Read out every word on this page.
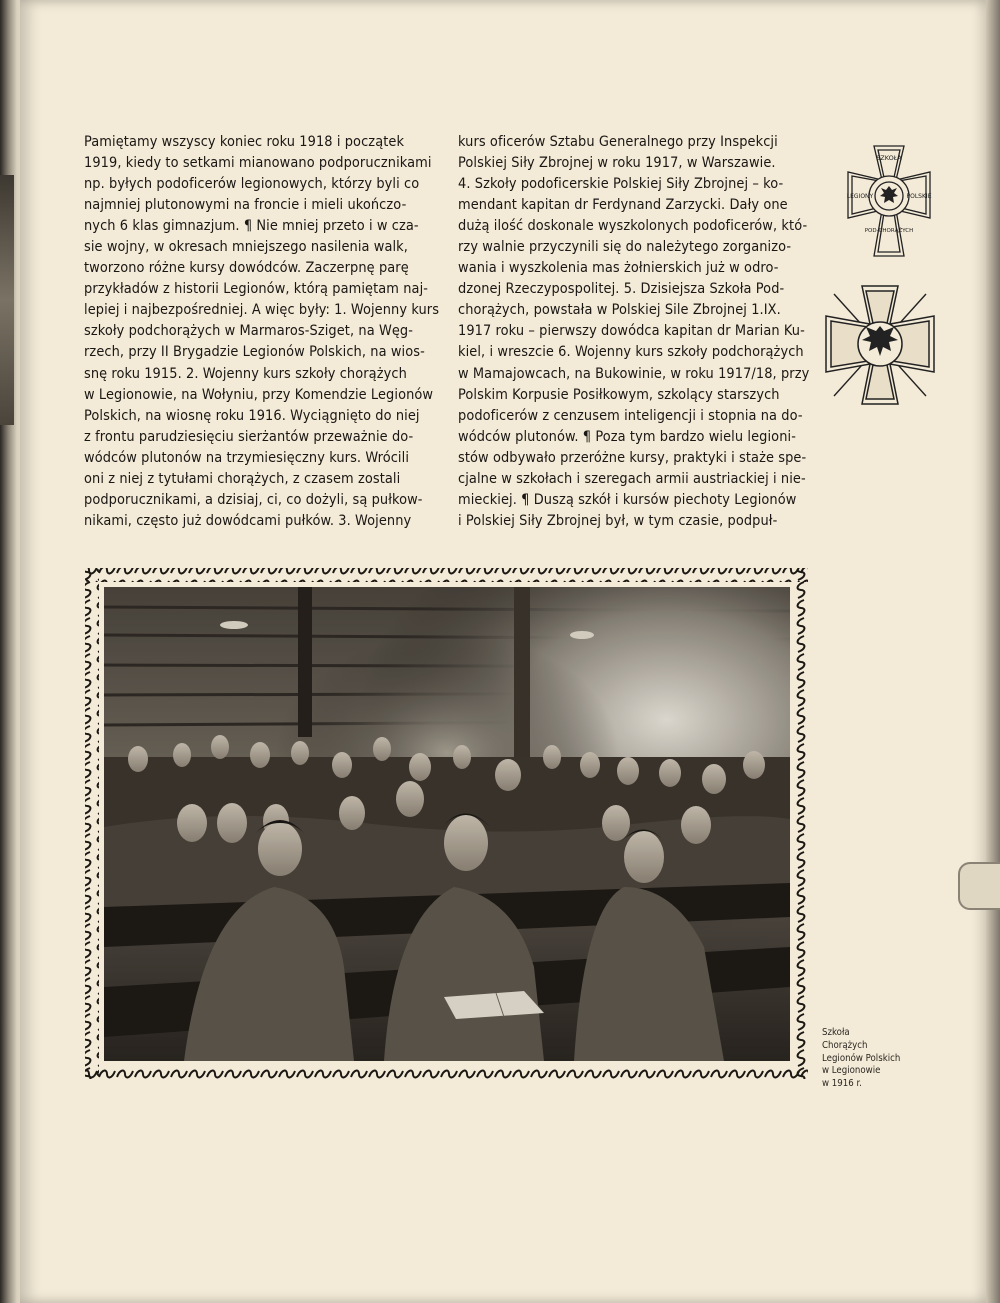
Pamiętamy wszyscy koniec roku 1918 i początek
1919, kiedy to setkami mianowano podporucznikami
np. byłych podoficerów legionowych, którzy byli co
najmniej plutonowymi na froncie i mieli ukończo-
nych 6 klas gimnazjum. ¶ Nie mniej przeto i w cza-
sie wojny, w okresach mniejszego nasilenia walk,
tworzono różne kursy dowódców. Zaczerpnę parę
przykładów z historii Legionów, którą pamiętam naj-
lepiej i najbezpośredniej. A więc były: 1. Wojenny kurs
szkoły podchorążych w Marmaros-Sziget, na Węg-
rzech, przy II Brygadzie Legionów Polskich, na wios-
snę roku 1915. 2. Wojenny kurs szkoły chorążych
w Legionowie, na Wołyniu, przy Komendzie Legionów
Polskich, na wiosnę roku 1916. Wyciągnięto do niej
z frontu parudziesięciu sierżantów przeważnie do-
wódców plutonów na trzymiesięczny kurs. Wrócili
oni z niej z tytułami chorążych, z czasem zostali
podporucznikami, a dzisiaj, ci, co dożyli, są pułkow-
nikami, często już dowódcami pułków. 3. Wojenny
kurs oficerów Sztabu Generalnego przy Inspekcji
Polskiej Siły Zbrojnej w roku 1917, w Warszawie.
4. Szkoły podoficerskie Polskiej Siły Zbrojnej – ko-
mendant kapitan dr Ferdynand Zarzycki. Dały one
dużą ilość doskonale wyszkolonych podoficerów, któ-
rzy walnie przyczynili się do należytego zorganizo-
wania i wyszkolenia mas żołnierskich już w odro-
dzonej Rzeczypospolitej. 5. Dzisiejsza Szkoła Pod-
chorążych, powstała w Polskiej Sile Zbrojnej 1.IX.
1917 roku – pierwszy dowódca kapitan dr Marian Ku-
kiel, i wreszcie 6. Wojenny kurs szkoły podchorążych
w Mamajowcach, na Bukowinie, w roku 1917/18, przy
Polskim Korpusie Posiłkowym, szkolący starszych
podoficerów z cenzusem inteligencji i stopnia na do-
wódców plutonów. ¶ Poza tym bardzo wielu legioni-
stów odbywało przeróżne kursy, praktyki i staże spe-
cjalne w szkołach i szeregach armii austriackiej i nie-
mieckiej. ¶ Duszą szkół i kursów piechoty Legionów
i Polskiej Siły Zbrojnej był, w tym czasie, podpuł-
SZKOŁA
LEGIONY	POLSKIE
POD-CHORĄŻYCH
Szkoła
Chorążych
Legionów Polskich
w Legionowie
w 1916 r.
